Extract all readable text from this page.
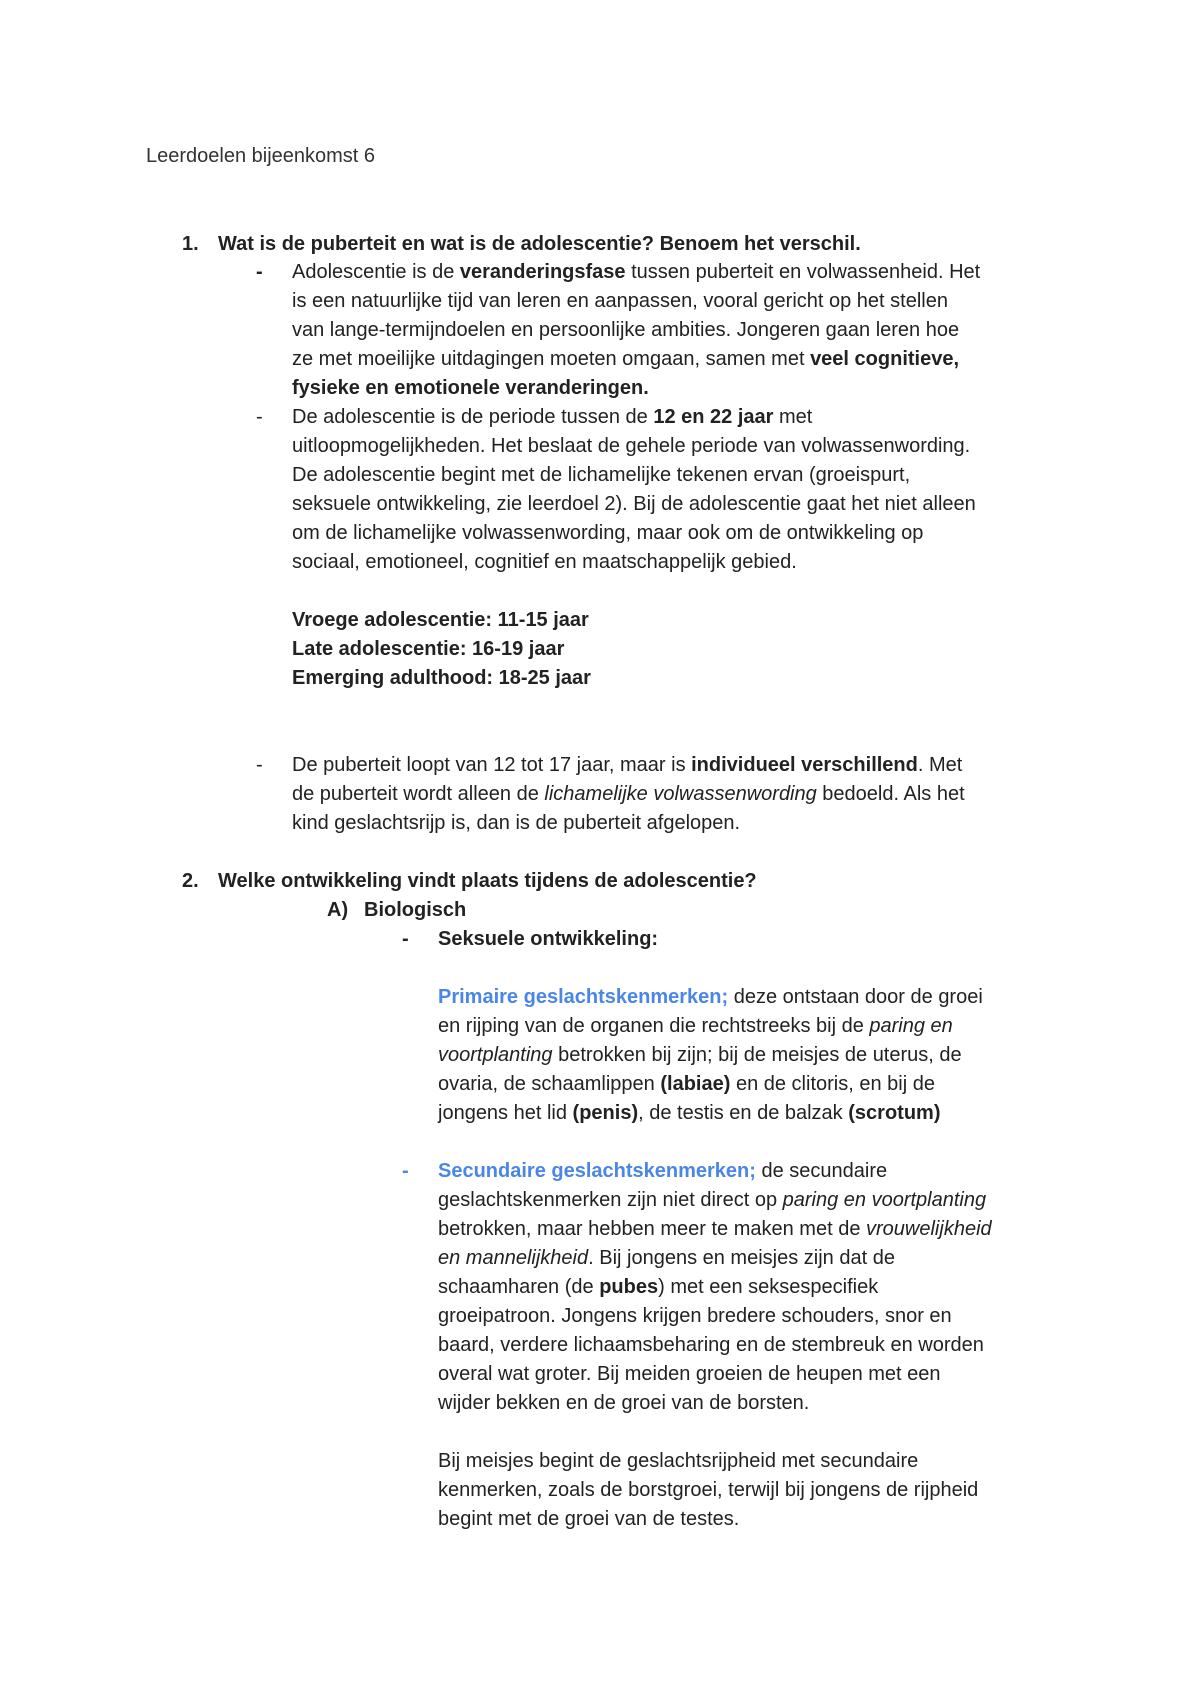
Leerdoelen bijeenkomst 6
1. Wat is de puberteit en wat is de adolescentie? Benoem het verschil.
- Adolescentie is de veranderingsfase tussen puberteit en volwassenheid. Het
is een natuurlijke tijd van leren en aanpassen, vooral gericht op het stellen
van lange-termijndoelen en persoonlijke ambities. Jongeren gaan leren hoe
ze met moeilijke uitdagingen moeten omgaan, samen met veel cognitieve,
fysieke en emotionele veranderingen.
- De adolescentie is de periode tussen de 12 en 22 jaar met
uitloopmogelijkheden. Het beslaat de gehele periode van volwassenwording.
De adolescentie begint met de lichamelijke tekenen ervan (groeispurt,
seksuele ontwikkeling, zie leerdoel 2). Bij de adolescentie gaat het niet alleen
om de lichamelijke volwassenwording, maar ook om de ontwikkeling op
sociaal, emotioneel, cognitief en maatschappelijk gebied.
Vroege adolescentie: 11-15 jaar
Late adolescentie: 16-19 jaar
Emerging adulthood: 18-25 jaar
- De puberteit loopt van 12 tot 17 jaar, maar is individueel verschillend. Met
de puberteit wordt alleen de lichamelijke volwassenwording bedoeld. Als het
kind geslachtsrijp is, dan is de puberteit afgelopen.
2. Welke ontwikkeling vindt plaats tijdens de adolescentie?
A) Biologisch
- Seksuele ontwikkeling:
Primaire geslachtskenmerken; deze ontstaan door de groei
en rijping van de organen die rechtstreeks bij de paring en
voortplanting betrokken bij zijn; bij de meisjes de uterus, de
ovaria, de schaamlippen (labiae) en de clitoris, en bij de
jongens het lid (penis), de testis en de balzak (scrotum)
- Secundaire geslachtskenmerken; de secundaire
geslachtskenmerken zijn niet direct op paring en voortplanting
betrokken, maar hebben meer te maken met de vrouwelijkheid
en mannelijkheid. Bij jongens en meisjes zijn dat de
schaamharen (de pubes) met een seksespecifiek
groeipatroon. Jongens krijgen bredere schouders, snor en
baard, verdere lichaamsbeharing en de stembreuk en worden
overal wat groter. Bij meiden groeien de heupen met een
wijder bekken en de groei van de borsten.
Bij meisjes begint de geslachtsrijpheid met secundaire
kenmerken, zoals de borstgroei, terwijl bij jongens de rijpheid
begint met de groei van de testes.
